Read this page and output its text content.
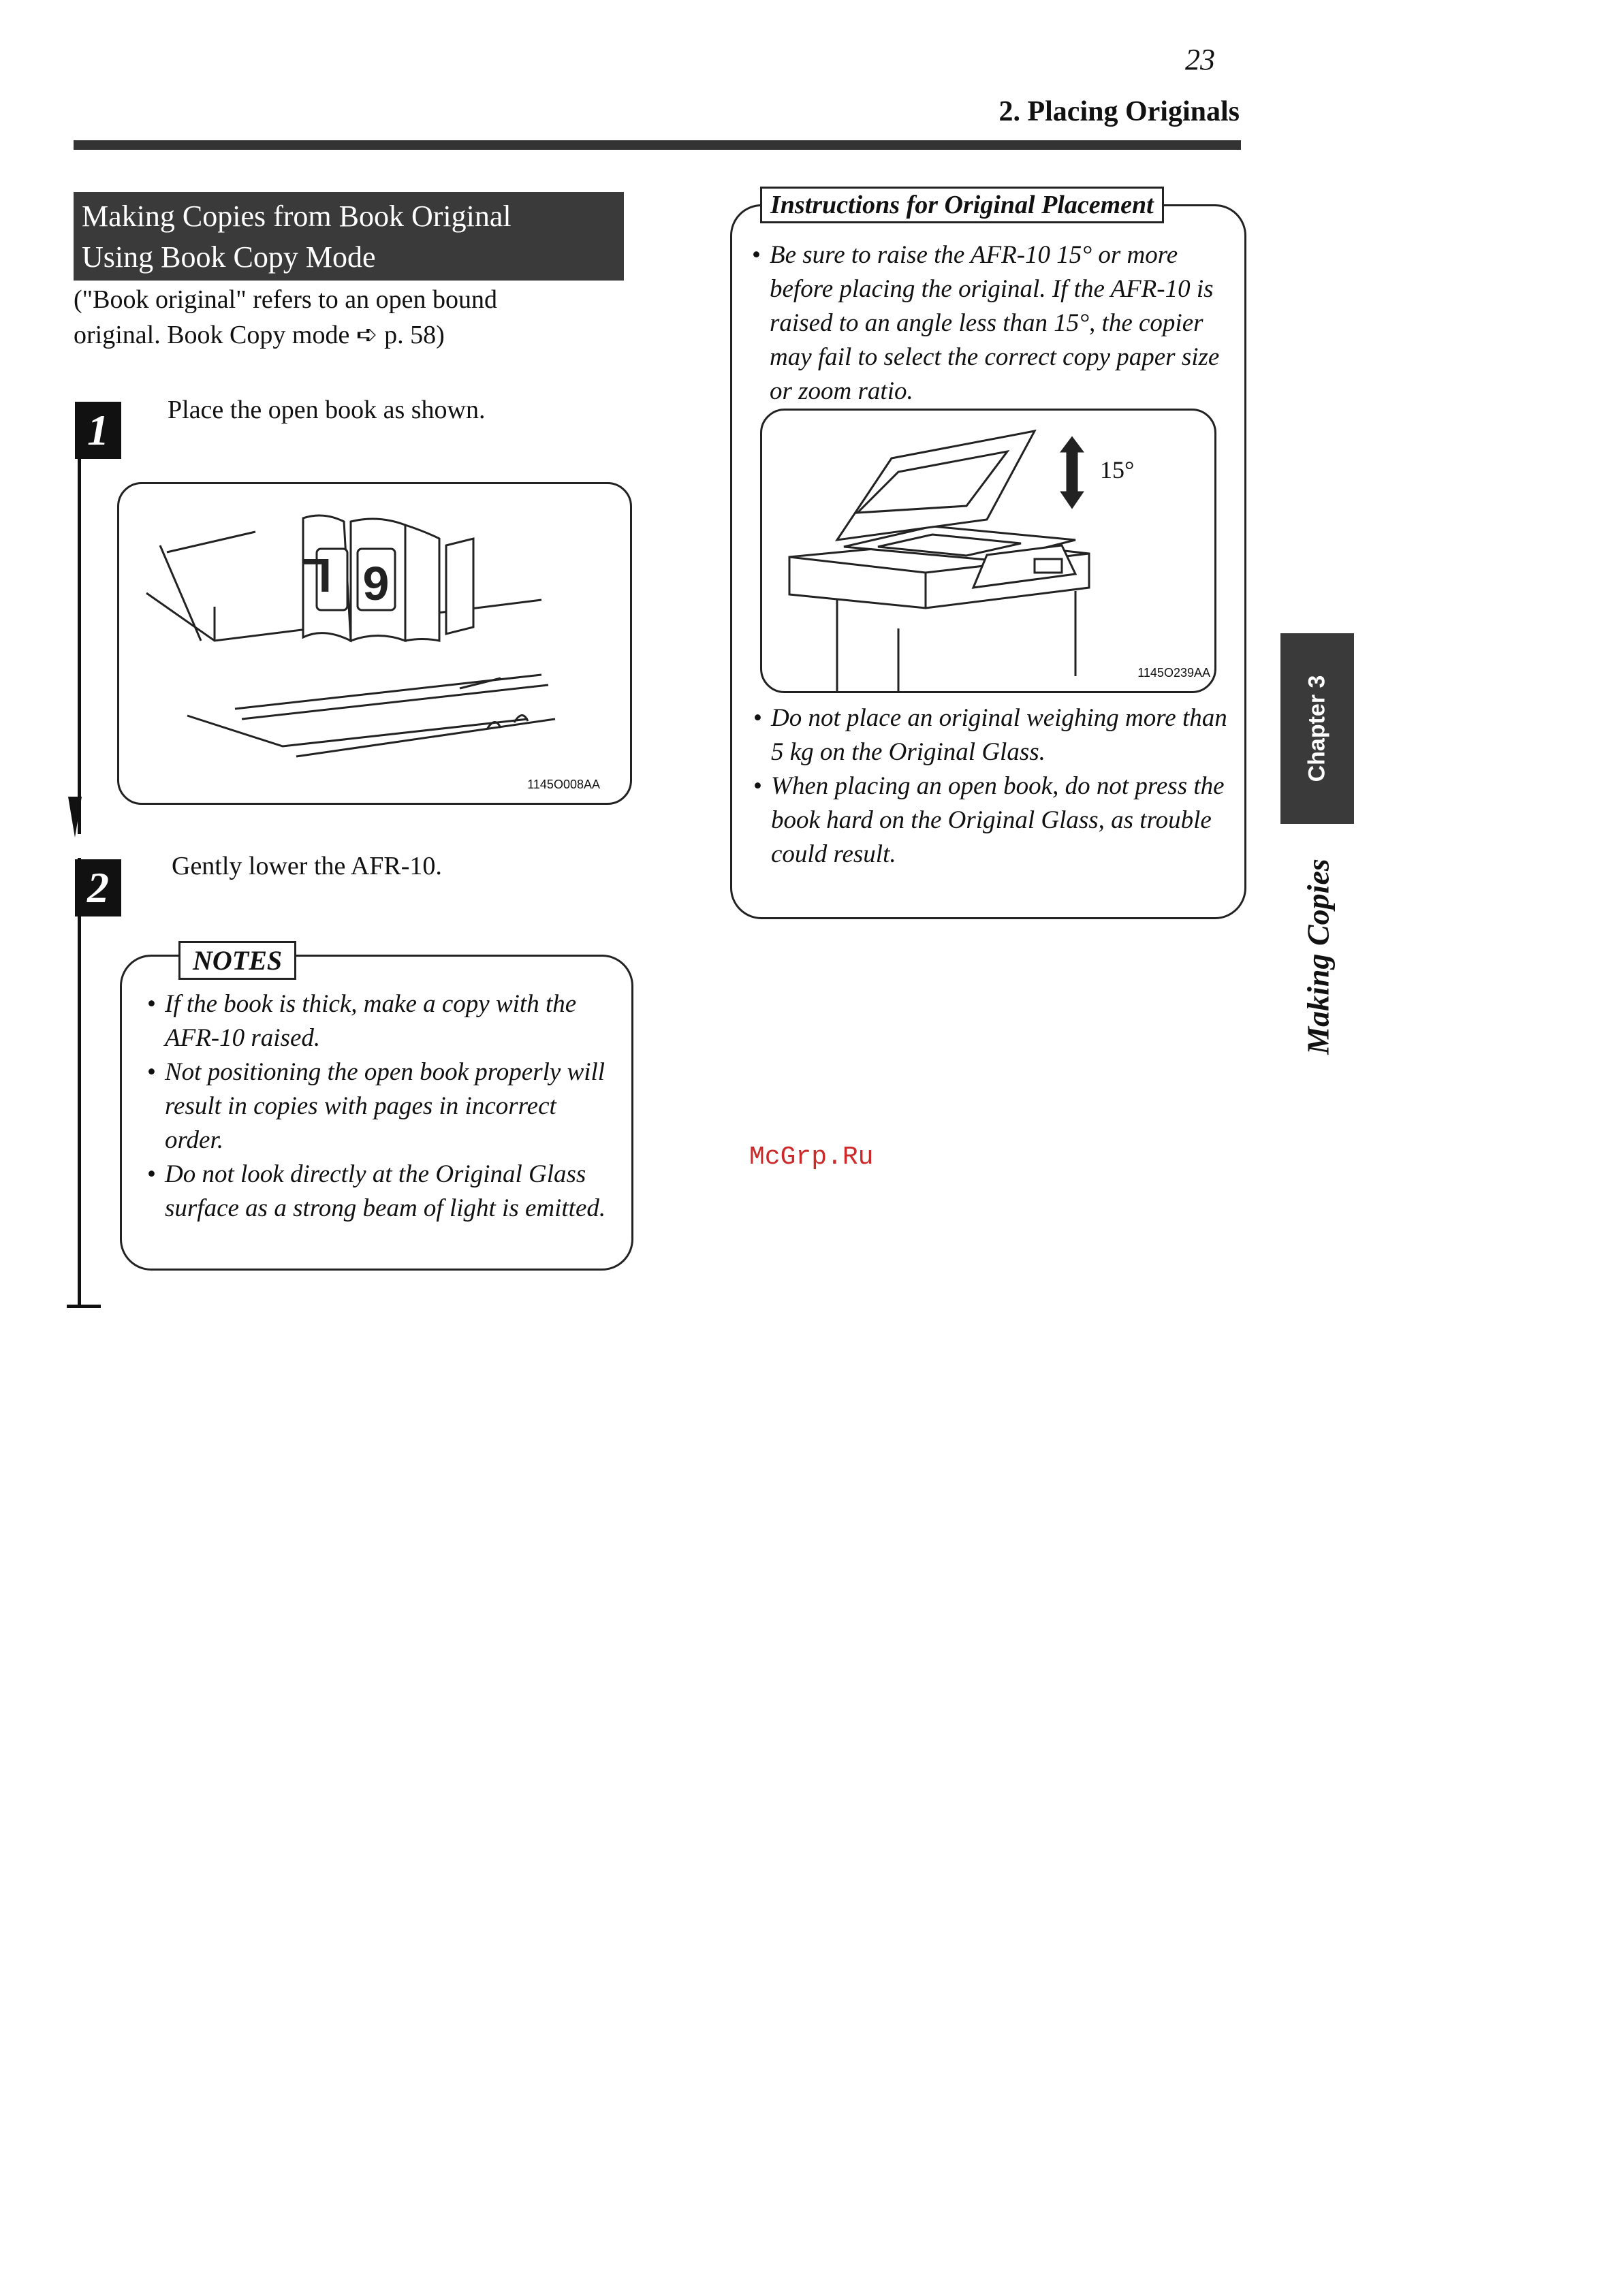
23
2. Placing Originals
Making Copies from Book Original
Using Book Copy Mode
("Book original" refers to an open bound
original. Book Copy mode ➪ p. 58)
1	Place the open book as shown.
L 9
1145O008AA
2	Gently lower the AFR-10.
NOTES
• If the book is thick, make a copy with the AFR-10 raised.
• Not positioning the open book properly will result in copies with pages in incorrect order.
• Do not look directly at the Original Glass surface as a strong beam of light is emitted.
Instructions for Original Placement
• Be sure to raise the AFR-10 15° or more before placing the original. If the AFR-10 is raised to an angle less than 15°, the copier may fail to select the correct copy paper size or zoom ratio.
15°
1145O239AA
• Do not place an original weighing more than 5 kg on the Original Glass.
• When placing an open book, do not press the book hard on the Original Glass, as trouble could result.
Chapter 3
Making Copies
McGrp.Ru
